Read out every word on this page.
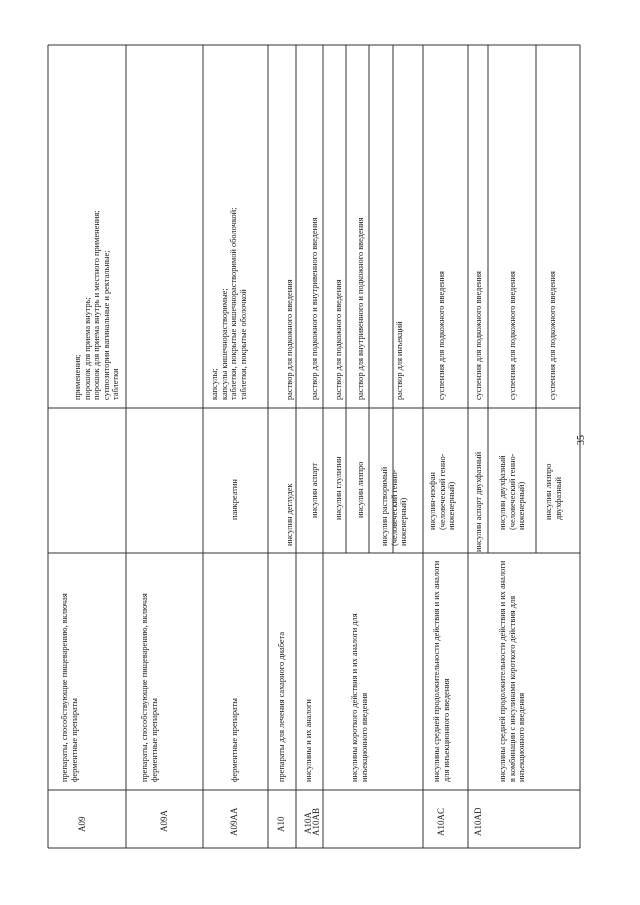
A09
препараты, способствующие пищеварению, включая ферментные препараты
применения;
порошок для приема внутрь;
порошок для приема внутрь и местного применения;
суппозитории вагинальные и ректальные;
таблетки
A09A
препараты, способствующие пищеварению, включая ферментные препараты
A09AA
ферментные препараты
панкреатин
капсулы;
капсулы кишечнорастворимые;
таблетки, покрытые кишечнорастворимой оболочкой;
таблетки, покрытые оболочкой
A10
препараты для лечения сахарного диабета
A10A
инсулины и их аналоги
инсулин деглудек
раствор для подкожного введения
A10AB
инсулин аспарт
раствор для подкожного и внутривенного введения
инсулины короткого действия и их аналоги для инъекционного введения
инсулин глулизин
раствор для подкожного введения
инсулин лизпро
раствор для внутривенного и подкожного введения
инсулин растворимый (человеческий генно-инженерный)
раствор для инъекций
A10AC
инсулины средней продолжительности действия и их аналоги для инъекционного введения
инсулин-изофан (человеческий генно-инженерный)
суспензия для подкожного введения
A10AD
инсулины средней продолжительности действия и их аналоги в комбинации с инсулинами короткого действия для инъекционного введения
инсулин аспарт двухфазный
суспензия для подкожного введения
инсулин двухфазный (человеческий генно-инженерный)
суспензия для подкожного введения
инсулин лизпро двухфазный
суспензия для подкожного введения
35
